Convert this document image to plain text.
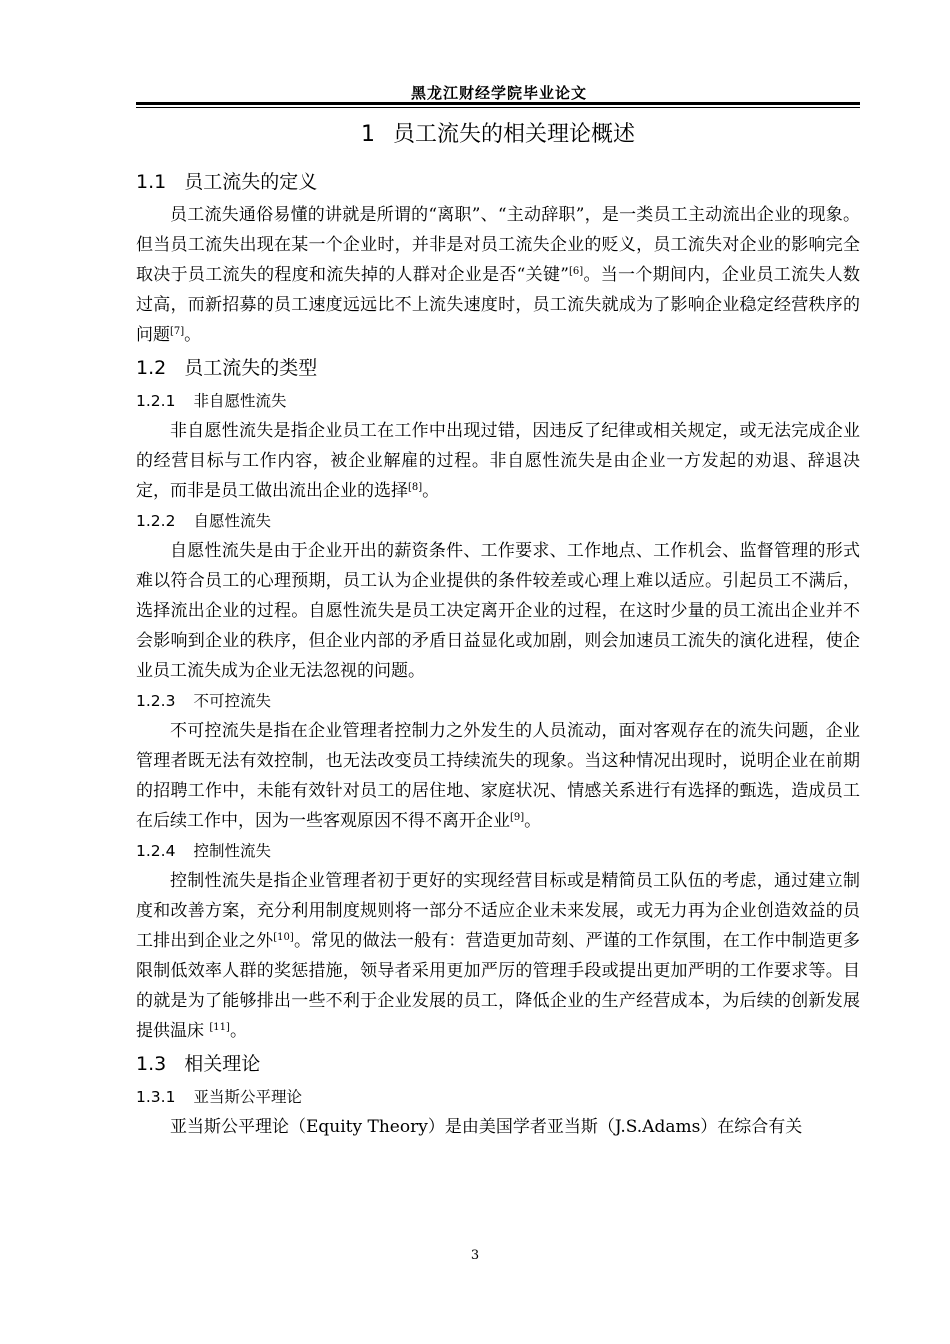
黑龙江财经学院毕业论文
1 员工流失的相关理论概述
1.1 员工流失的定义

员工流失通俗易懂的讲就是所谓的“离职”、“主动辞职”，是一类员工主动流出企业的现象。但当员工流失出现在某一个企业时，并非是对员工流失企业的贬义，员工流失对企业的影响完全取决于员工流失的程度和流失掉的人群对企业是否“关键”[6]。当一个期间内，企业员工流失人数过高，而新招募的员工速度远远比不上流失速度时，员工流失就成为了影响企业稳定经营秩序的问题[7]。

1.2 员工流失的类型
1.2.1 非自愿性流失

非自愿性流失是指企业员工在工作中出现过错，因违反了纪律或相关规定，或无法完成企业的经营目标与工作内容，被企业解雇的过程。非自愿性流失是由企业一方发起的劝退、辞退决定，而非是员工做出流出企业的选择[8]。

1.2.2 自愿性流失

自愿性流失是由于企业开出的薪资条件、工作要求、工作地点、工作机会、监督管理的形式难以符合员工的心理预期，员工认为企业提供的条件较差或心理上难以适应。引起员工不满后，选择流出企业的过程。自愿性流失是员工决定离开企业的过程，在这时少量的员工流出企业并不会影响到企业的秩序，但企业内部的矛盾日益显化或加剧，则会加速员工流失的演化进程，使企业员工流失成为企业无法忽视的问题。

1.2.3 不可控流失

不可控流失是指在企业管理者控制力之外发生的人员流动，面对客观存在的流失问题，企业管理者既无法有效控制，也无法改变员工持续流失的现象。当这种情况出现时，说明企业在前期的招聘工作中，未能有效针对员工的居住地、家庭状况、情感关系进行有选择的甄选，造成员工在后续工作中，因为一些客观原因不得不离开企业[9]。

1.2.4 控制性流失

控制性流失是指企业管理者初于更好的实现经营目标或是精简员工队伍的考虑，通过建立制度和改善方案，充分利用制度规则将一部分不适应企业未来发展，或无力再为企业创造效益的员工排出到企业之外[10]。常见的做法一般有：营造更加苛刻、严谨的工作氛围，在工作中制造更多限制低效率人群的奖惩措施，领导者采用更加严厉的管理手段或提出更加严明的工作要求等。目的就是为了能够排出一些不利于企业发展的员工，降低企业的生产经营成本，为后续的创新发展提供温床 [11]。

1.3 相关理论
1.3.1 亚当斯公平理论

亚当斯公平理论（Equity Theory）是由美国学者亚当斯（J.S.Adams）在综合有关

3
